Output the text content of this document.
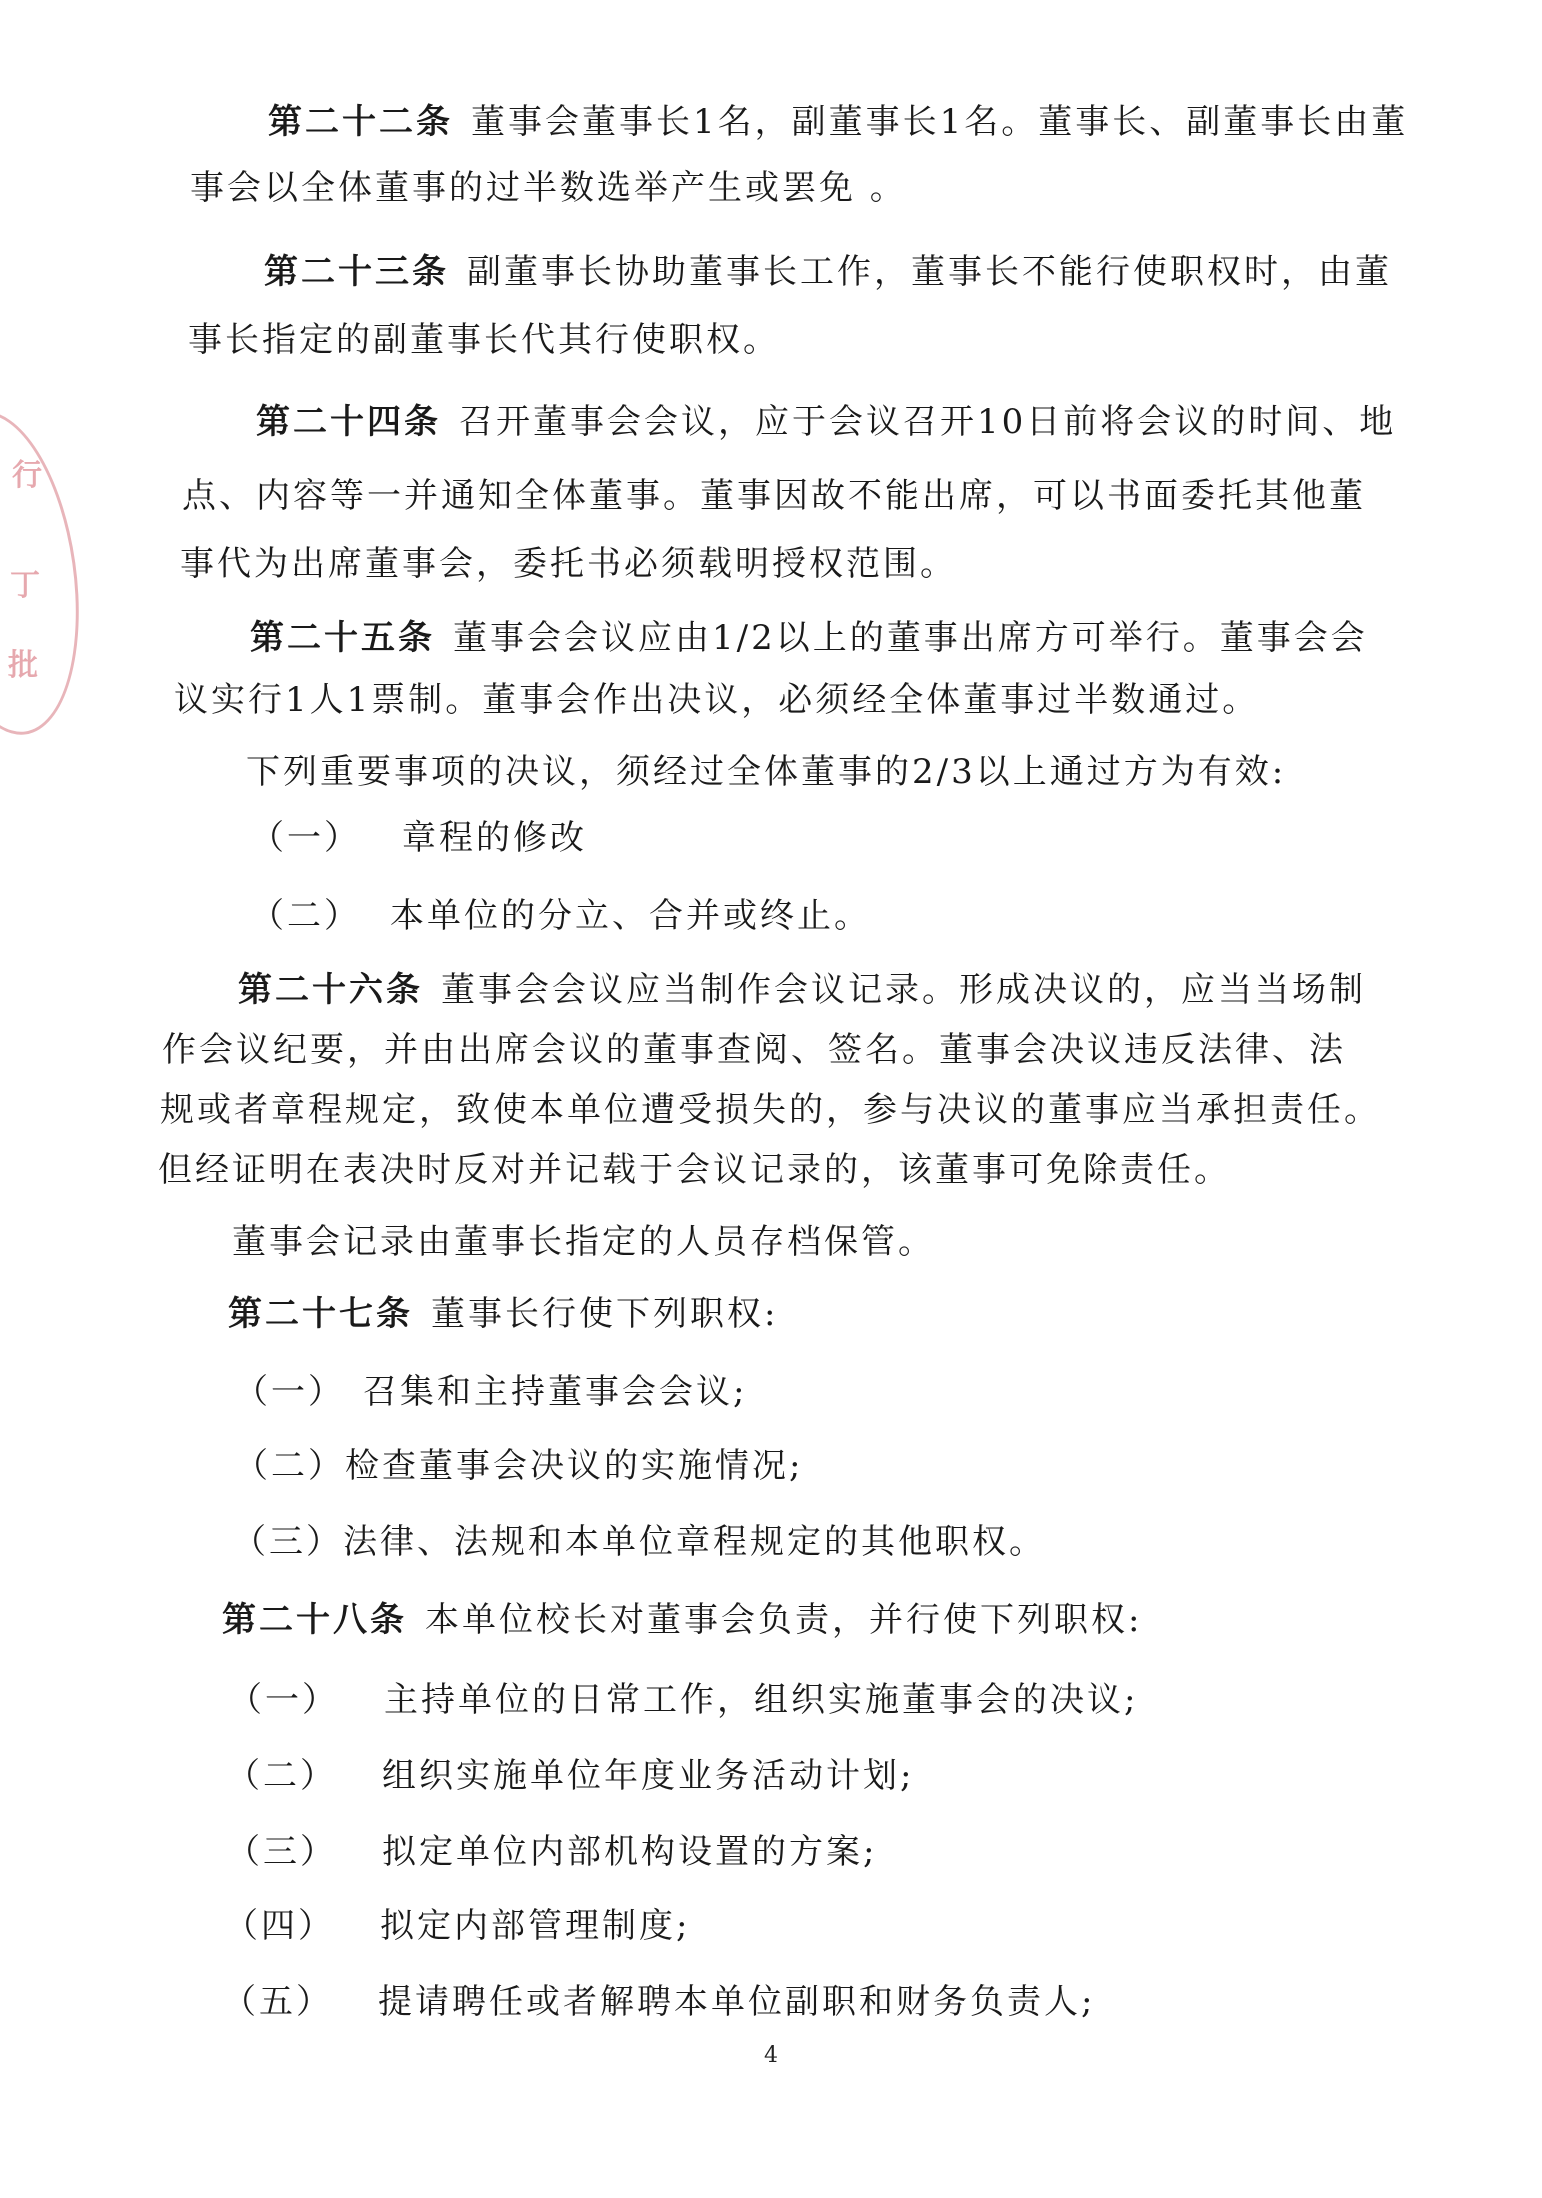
行
丁
批
第二十二条 董事会董事长1名，副董事长1名。董事长、副董事长由董
事会以全体董事的过半数选举产生或罢免 。
第二十三条 副董事长协助董事长工作，董事长不能行使职权时，由董
事长指定的副董事长代其行使职权。
第二十四条 召开董事会会议，应于会议召开10日前将会议的时间、地
点、内容等一并通知全体董事。董事因故不能出席，可以书面委托其他董
事代为出席董事会，委托书必须载明授权范围。
第二十五条 董事会会议应由1/2以上的董事出席方可举行。董事会会
议实行1人1票制。董事会作出决议，必须经全体董事过半数通过。
下列重要事项的决议，须经过全体董事的2/3以上通过方为有效:
（一） 章程的修改
（二） 本单位的分立、合并或终止。
第二十六条 董事会会议应当制作会议记录。形成决议的，应当当场制
作会议纪要，并由出席会议的董事查阅、签名。董事会决议违反法律、法
规或者章程规定，致使本单位遭受损失的，参与决议的董事应当承担责任。
但经证明在表决时反对并记载于会议记录的，该董事可免除责任。
董事会记录由董事长指定的人员存档保管。
第二十七条 董事长行使下列职权:
（一） 召集和主持董事会会议;
（二）检查董事会决议的实施情况;
（三）法律、法规和本单位章程规定的其他职权。
第二十八条 本单位校长对董事会负责，并行使下列职权:
（一） 主持单位的日常工作，组织实施董事会的决议;
（二） 组织实施单位年度业务活动计划;
（三） 拟定单位内部机构设置的方案;
（四） 拟定内部管理制度;
（五） 提请聘任或者解聘本单位副职和财务负责人;
4
